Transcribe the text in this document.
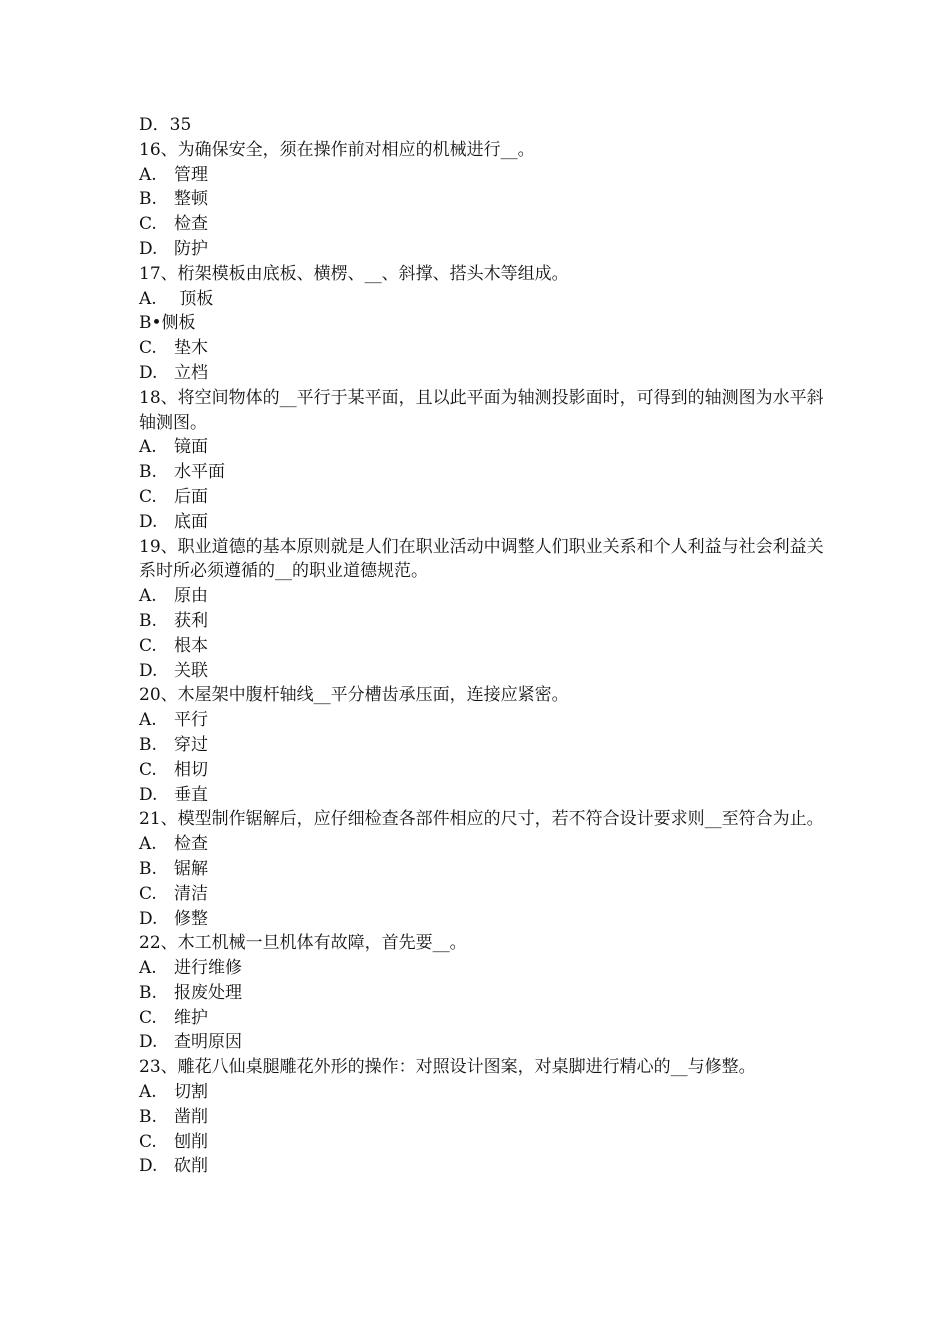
D． 35
16、为确保安全，须在操作前对相应的机械进行__。
A.	管理
B.	整顿
C.	检查
D. 防护
17、桁架模板由底板、横楞、__、斜撑、搭头木等组成。
A.	顶板
B• 侧板
C.	垫木
D. 立档
18、将空间物体的__平行于某平面，且以此平面为轴测投影面时，可得到的轴测图为水平斜轴测图。
A.	镜面
B.	水平面
C.	后面
D. 底面
19、职业道德的基本原则就是人们在职业活动中调整人们职业关系和个人利益与社会利益关系时所必须遵循的__的职业道德规范。
A.	原由
B.	获利
C.	根本
D. 关联
20、木屋架中腹杆轴线__平分槽齿承压面，连接应紧密。
A.	平行
B.	穿过
C.	相切
D. 垂直
21、模型制作锯解后，应仔细检查各部件相应的尺寸，若不符合设计要求则__至符合为止。
A.	检查
B.	锯解
C.	清洁
D. 修整
22、木工机械一旦机体有故障，首先要__。
A.	进行维修
B.	报废处理
C.	维护
D. 查明原因
23、雕花八仙桌腿雕花外形的操作：对照设计图案，对桌脚进行精心的__与修整。
A.	切割
B.	凿削
C.	刨削
D. 砍削
